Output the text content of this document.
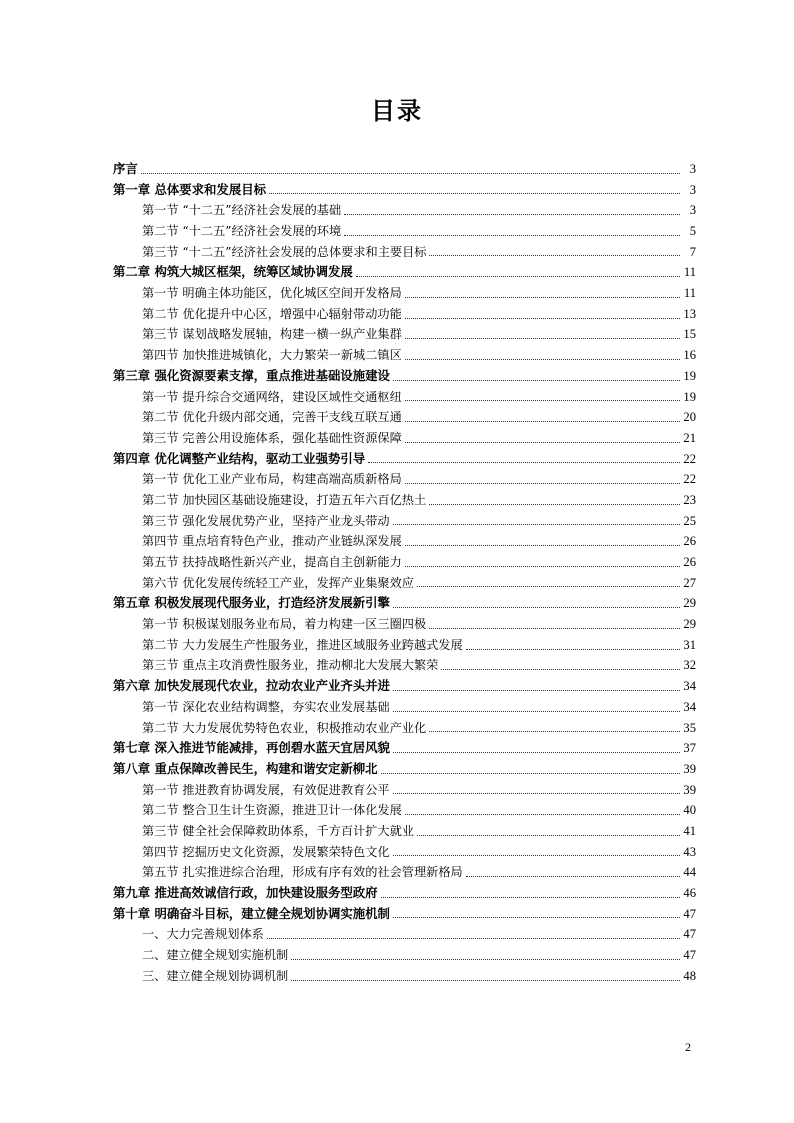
目录
序言	3
第一章 总体要求和发展目标	3
第一节 “十二五”经济社会发展的基础	3
第二节 “十二五”经济社会发展的环境	5
第三节 “十二五”经济社会发展的总体要求和主要目标	7
第二章 构筑大城区框架，统筹区域协调发展	11
第一节 明确主体功能区，优化城区空间开发格局	11
第二节 优化提升中心区，增强中心辐射带动功能	13
第三节 谋划战略发展轴，构建一横一纵产业集群	15
第四节 加快推进城镇化，大力繁荣一新城二镇区	16
第三章 强化资源要素支撑，重点推进基础设施建设	19
第一节 提升综合交通网络，建设区域性交通枢纽	19
第二节 优化升级内部交通，完善干支线互联互通	20
第三节 完善公用设施体系，强化基础性资源保障	21
第四章 优化调整产业结构，驱动工业强势引导	22
第一节 优化工业产业布局，构建高端高质新格局	22
第二节 加快园区基础设施建设，打造五年六百亿热土	23
第三节 强化发展优势产业，坚持产业龙头带动	25
第四节 重点培育特色产业，推动产业链纵深发展	26
第五节 扶持战略性新兴产业，提高自主创新能力	26
第六节 优化发展传统轻工产业，发挥产业集聚效应	27
第五章 积极发展现代服务业，打造经济发展新引擎	29
第一节 积极谋划服务业布局，着力构建一区三圈四极	29
第二节 大力发展生产性服务业，推进区域服务业跨越式发展	31
第三节 重点主攻消费性服务业，推动柳北大发展大繁荣	32
第六章 加快发展现代农业，拉动农业产业齐头并进	34
第一节 深化农业结构调整，夯实农业发展基础	34
第二节 大力发展优势特色农业，积极推动农业产业化	35
第七章 深入推进节能减排，再创碧水蓝天宜居风貌	37
第八章 重点保障改善民生，构建和谐安定新柳北	39
第一节 推进教育协调发展，有效促进教育公平	39
第二节 整合卫生计生资源，推进卫计一体化发展	40
第三节 健全社会保障救助体系，千方百计扩大就业	41
第四节 挖掘历史文化资源，发展繁荣特色文化	43
第五节 扎实推进综合治理，形成有序有效的社会管理新格局	44
第九章 推进高效诚信行政，加快建设服务型政府	46
第十章 明确奋斗目标，建立健全规划协调实施机制	47
一、大力完善规划体系	47
二、建立健全规划实施机制	47
三、建立健全规划协调机制	48
2
